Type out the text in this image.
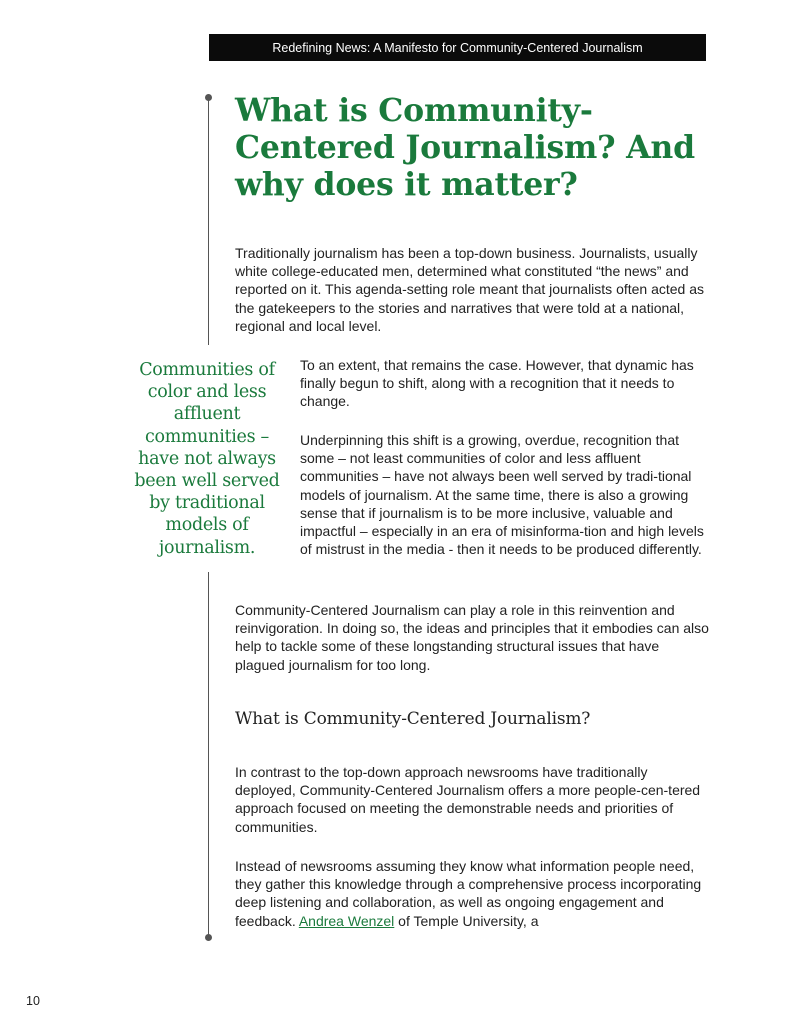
Redefining News: A Manifesto for Community-Centered Journalism
What is Community-Centered Journalism? And why does it matter?

Traditionally journalism has been a top-down business. Journalists, usually white college-educated men, determined what constituted “the news” and reported on it. This agenda-setting role meant that journalists often acted as the gatekeepers to the stories and narratives that were told at a national, regional and local level.

Communities of color and less affluent communities – have not always been well served by traditional models of journalism.

To an extent, that remains the case. However, that dynamic has finally begun to shift, along with a recognition that it needs to change.

Underpinning this shift is a growing, overdue, recognition that some – not least communities of color and less affluent communities – have not always been well served by tradi-tional models of journalism. At the same time, there is also a growing sense that if journalism is to be more inclusive, valuable and impactful – especially in an era of misinforma-tion and high levels of mistrust in the media - then it needs to be produced differently.

Community-Centered Journalism can play a role in this reinvention and reinvigoration. In doing so, the ideas and principles that it embodies can also help to tackle some of these longstanding structural issues that have plagued journalism for too long.

What is Community-Centered Journalism?

In contrast to the top-down approach newsrooms have traditionally deployed, Community-Centered Journalism offers a more people-cen-tered approach focused on meeting the demonstrable needs and priorities of communities.

Instead of newsrooms assuming they know what information people need, they gather this knowledge through a comprehensive process incorporating deep listening and collaboration, as well as ongoing engagement and feedback. Andrea Wenzel of Temple University, a

10
